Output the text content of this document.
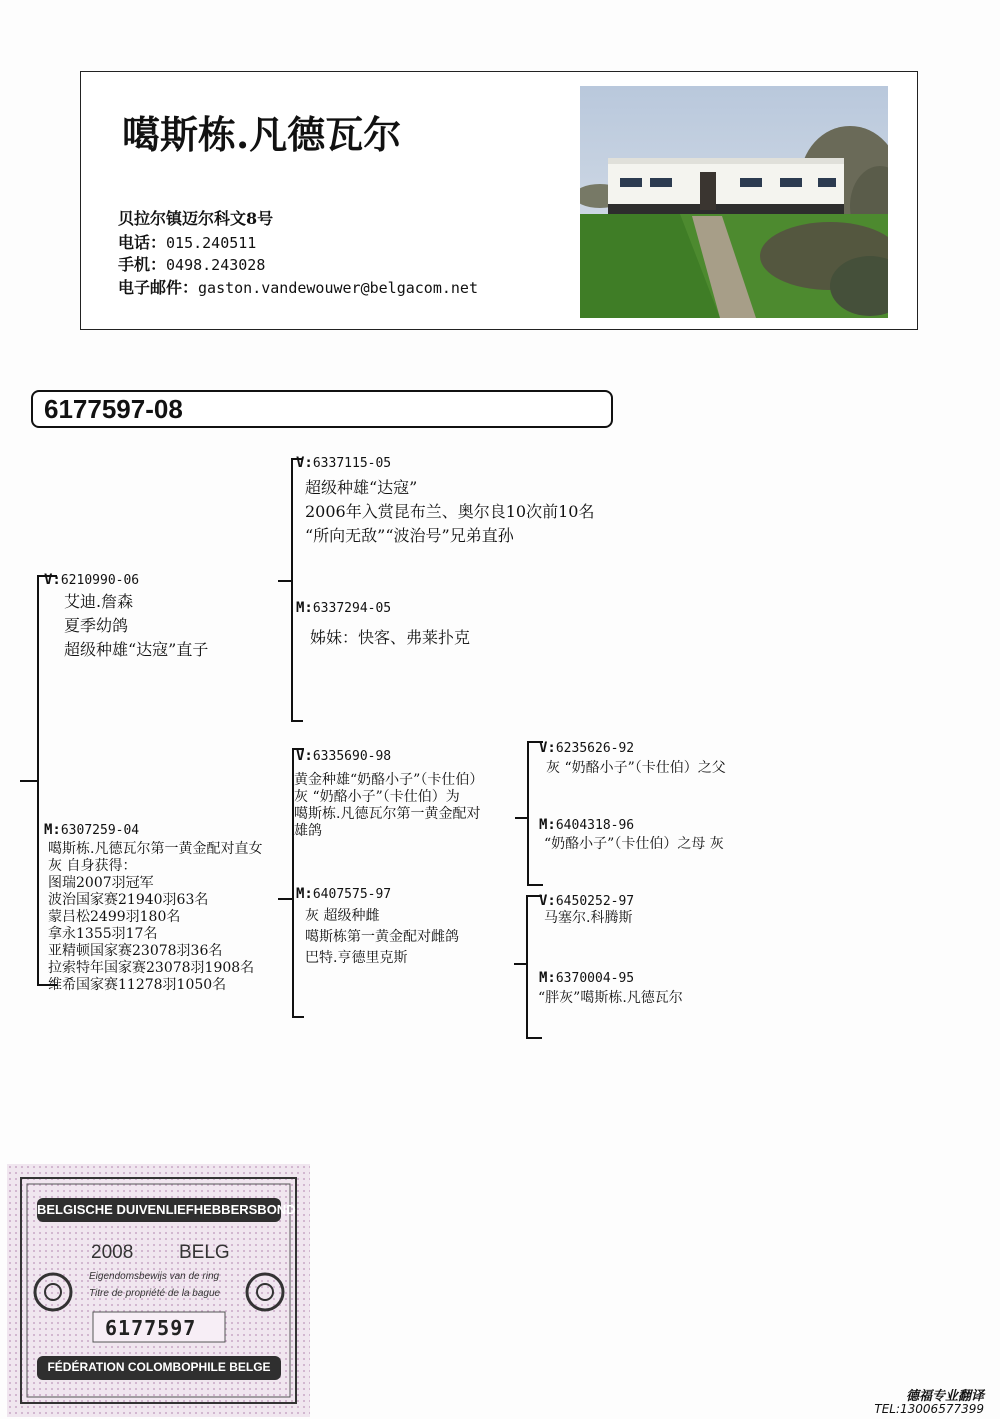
噶斯栋.凡德瓦尔
贝拉尔镇迈尔科文8号
电话：015.240511
手机：0498.243028
电子邮件：gaston.vandewouwer@belgacom.net
6177597-08
V:6210990-06
艾迪.詹森
夏季幼鸽
超级种雄“达寇”直子
V:6337115-05
超级种雄“达寇”
2006年入赏昆布兰、奥尔良10次前10名
“所向无敌”“波治号”兄弟直孙
M:6337294-05
姊妹：快客、弗莱扑克
M:6307259-04
噶斯栋.凡德瓦尔第一黄金配对直女
灰 自身获得：
图瑞2007羽冠军
波治国家赛21940羽63名
蒙吕松2499羽180名
拿永1355羽17名
亚精顿国家赛23078羽36名
拉索特年国家赛23078羽1908名
维希国家赛11278羽1050名
V:6335690-98
黄金种雄“奶酪小子”（卡仕伯）
灰 “奶酪小子”（卡仕伯）为
噶斯栋.凡德瓦尔第一黄金配对
雄鸽
M:6407575-97
灰 超级种雌
噶斯栋第一黄金配对雌鸽
巴特.亨德里克斯
V:6235626-92
灰 “奶酪小子”（卡仕伯）之父
M:6404318-96
“奶酪小子”（卡仕伯）之母 灰
V:6450252-97
马塞尔.科腾斯
M:6370004-95
“胖灰”噶斯栋.凡德瓦尔
BELGISCHE DUIVENLIEFHEBBERSBOND
2008 BELG
Eigendomsbewijs van de ring
Titre de propriété de la bague
6177597
FÉDÉRATION COLOMBOPHILE BELGE
德福专业翻译
TEL:13006577399
